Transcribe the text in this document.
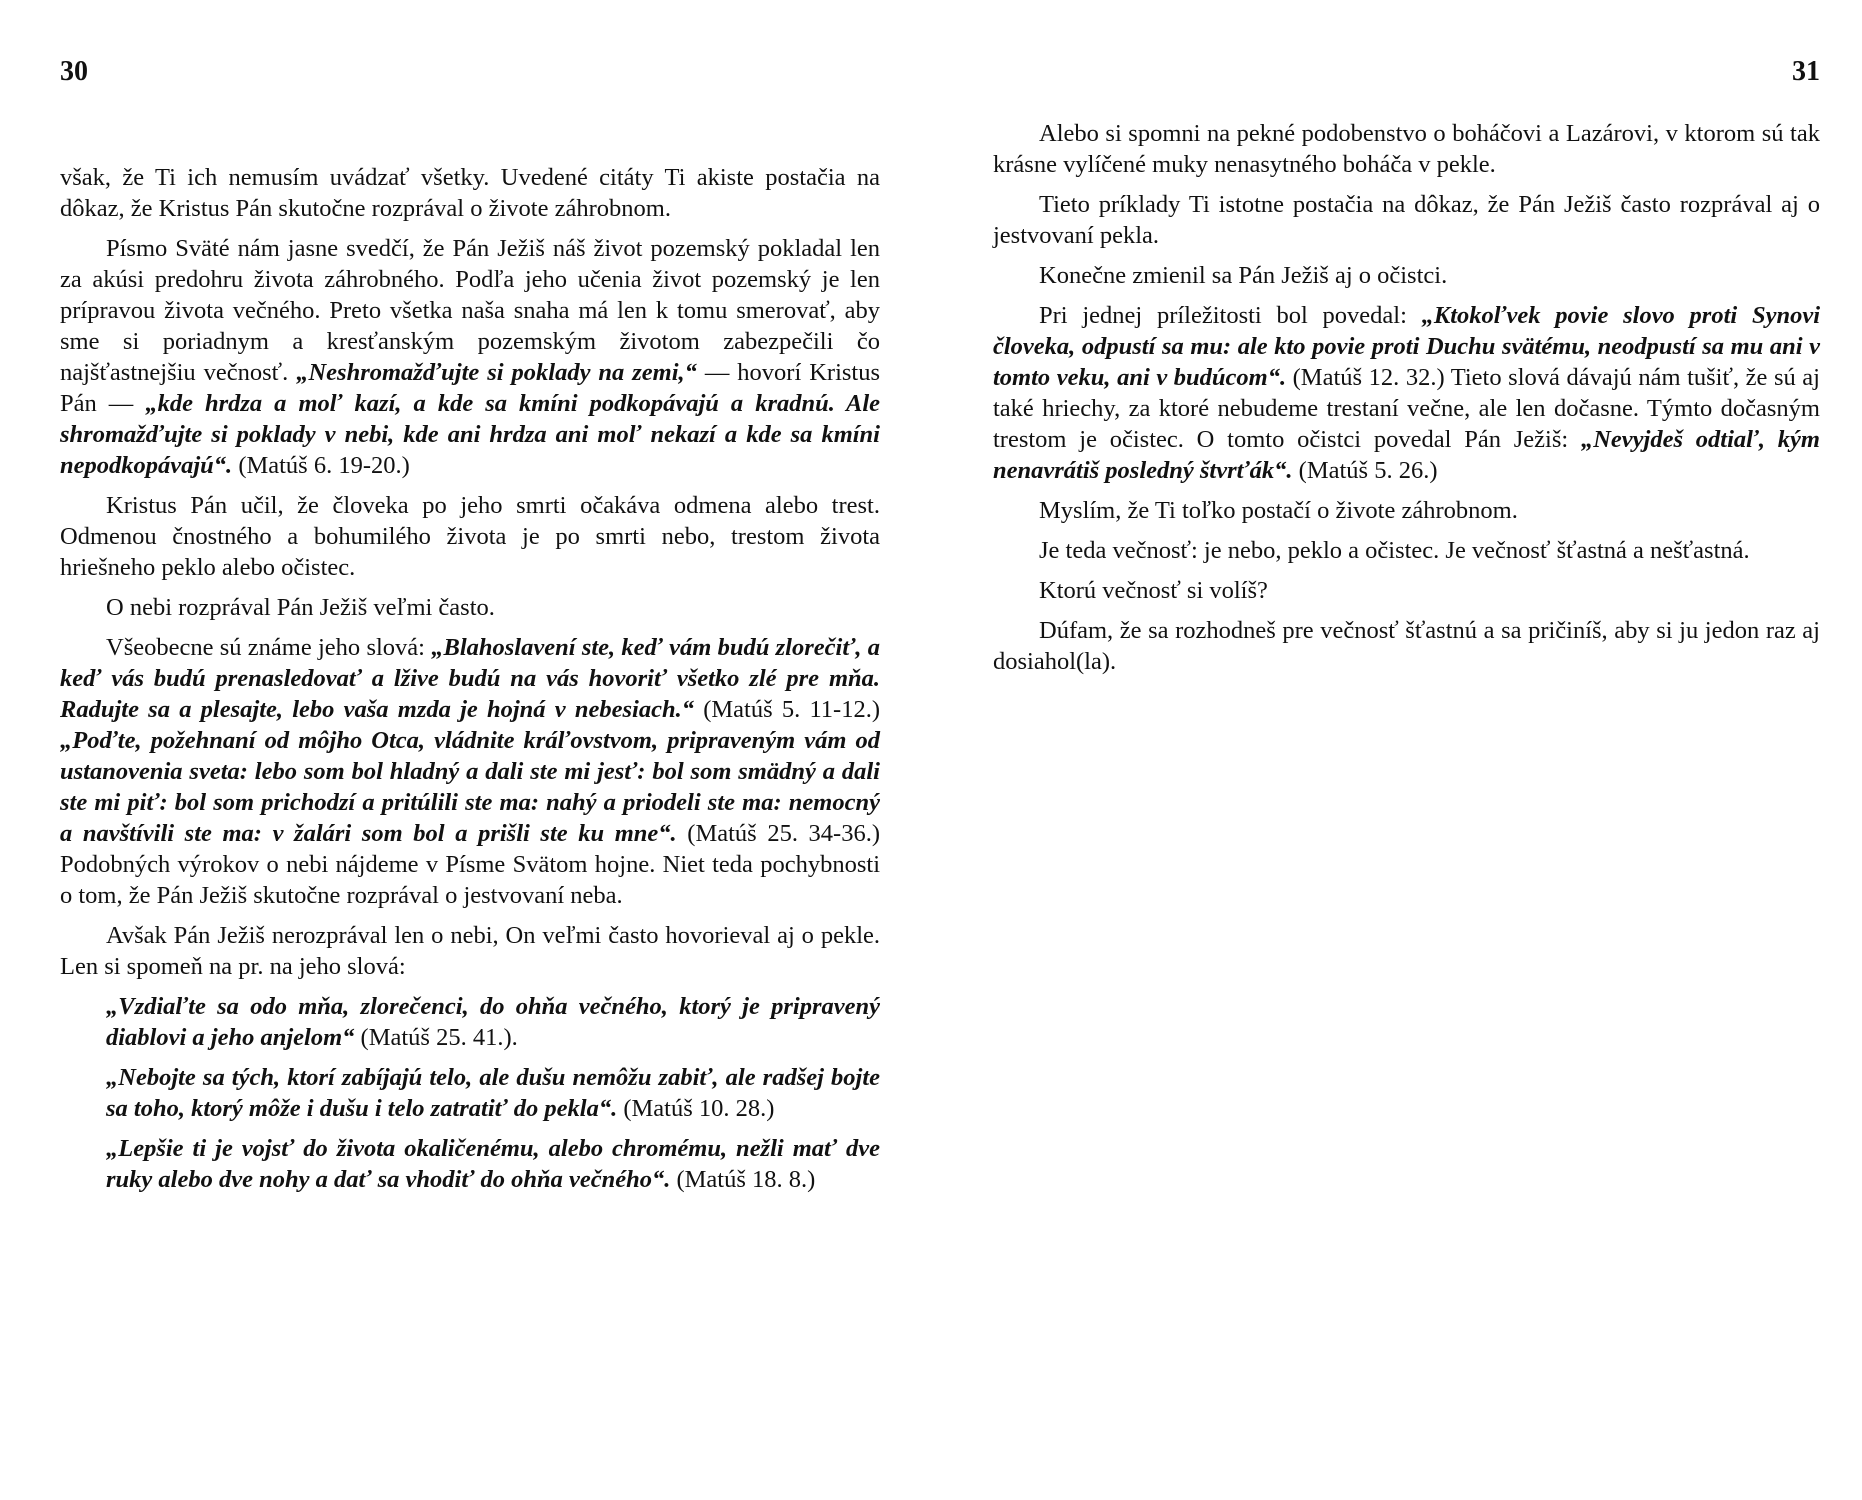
30

však, že Ti ich nemusím uvádzať všetky. Uvedené citáty Ti akiste postačia na dôkaz, že Kristus Pán skutočne rozprával o živote záhrobnom.

Písmo Sväté nám jasne svedčí, že Pán Ježiš náš život pozemský pokladal len za akúsi predohru života záhrobného. Podľa jeho učenia život pozemský je len prípravou života večného. Preto všetka naša snaha má len k tomu smerovať, aby sme si poriadnym a kresťanským pozemským životom zabezpečili čo najšťastnejšiu večnosť. „Neshromažďujte si poklady na zemi,“ — hovorí Kristus Pán — „kde hrdza a moľ kazí, a kde sa kmíni podkopávajú a kradnú. Ale shromažďujte si poklady v nebi, kde ani hrdza ani moľ nekazí a kde sa kmíni nepodkopávajú“. (Matúš 6. 19-20.)

Kristus Pán učil, že človeka po jeho smrti očakáva odmena alebo trest. Odmenou čnostného a bohumilého života je po smrti nebo, trestom života hriešneho peklo alebo očistec.

O nebi rozprával Pán Ježiš veľmi často.

Všeobecne sú známe jeho slová: „Blahoslavení ste, keď vám budú zlorečiť, a keď vás budú prenasledovať a lžive budú na vás hovoriť všetko zlé pre mňa. Radujte sa a plesajte, lebo vaša mzda je hojná v nebesiach.“ (Matúš 5. 11-12.) „Poďte, požehnaní od môjho Otca, vládnite kráľovstvom, pripraveným vám od ustanovenia sveta: lebo som bol hladný a dali ste mi jesť: bol som smädný a dali ste mi piť: bol som prichodzí a pritúlili ste ma: nahý a priodeli ste ma: nemocný a navštívili ste ma: v žalári som bol a prišli ste ku mne“. (Matúš 25. 34-36.) Podobných výrokov o nebi nájdeme v Písme Svätom hojne. Niet teda pochybnosti o tom, že Pán Ježiš skutočne rozprával o jestvovaní neba.

Avšak Pán Ježiš nerozprával len o nebi, On veľmi často hovorieval aj o pekle. Len si spomeň na pr. na jeho slová:

„Vzdiaľte sa odo mňa, zlorečenci, do ohňa večného, ktorý je pripravený diablovi a jeho anjelom“ (Matúš 25. 41.).

„Nebojte sa tých, ktorí zabíjajú telo, ale dušu nemôžu zabiť, ale radšej bojte sa toho, ktorý môže i dušu i telo zatratiť do pekla“. (Matúš 10. 28.)

„Lepšie ti je vojsť do života okaličenému, alebo chromému, nežli mať dve ruky alebo dve nohy a dať sa vhodiť do ohňa večného“. (Matúš 18. 8.)

31

Alebo si spomni na pekné podobenstvo o boháčovi a Lazárovi, v ktorom sú tak krásne vylíčené muky nenasytného boháča v pekle.

Tieto príklady Ti istotne postačia na dôkaz, že Pán Ježiš často rozprával aj o jestvovaní pekla.

Konečne zmienil sa Pán Ježiš aj o očistci.

Pri jednej príležitosti bol povedal: „Ktokoľvek povie slovo proti Synovi človeka, odpustí sa mu: ale kto povie proti Duchu svätému, neodpustí sa mu ani v tomto veku, ani v budúcom“. (Matúš 12. 32.) Tieto slová dávajú nám tušiť, že sú aj také hriechy, za ktoré nebudeme trestaní večne, ale len dočasne. Týmto dočasným trestom je očistec. O tomto očistci povedal Pán Ježiš: „Nevyjdeš odtiaľ, kým nenavrátiš posledný štvrťák“. (Matúš 5. 26.)

Myslím, že Ti toľko postačí o živote záhrobnom.

Je teda večnosť: je nebo, peklo a očistec. Je večnosť šťastná a nešťastná.

Ktorú večnosť si volíš?

Dúfam, že sa rozhodneš pre večnosť šťastnú a sa pričiníš, aby si ju jedon raz aj dosiahol(la).
